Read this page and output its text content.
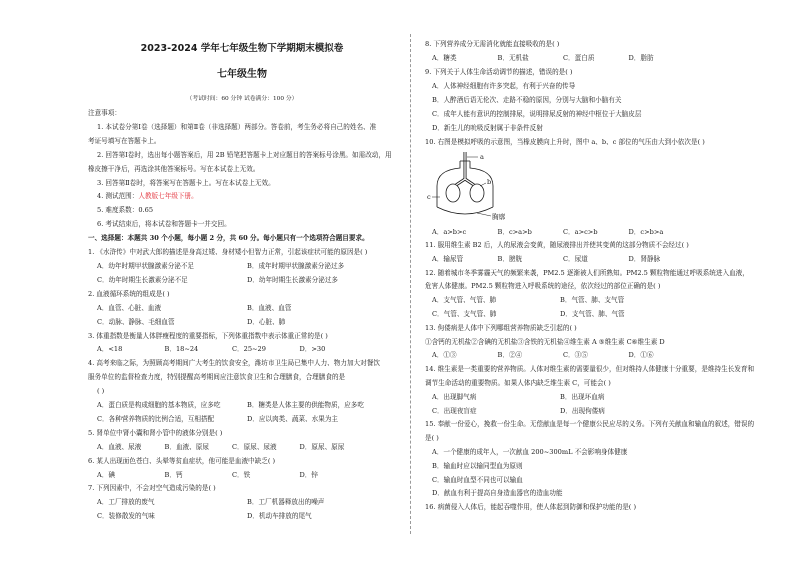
2023-2024 学年七年级生物下学期期末模拟卷
七年级生物
（考试时间：60 分钟 试卷满分：100 分）
注意事项：
1. 本试卷分第Ⅰ卷（选择题）和第Ⅱ卷（非选择题）两部分。答卷前，考生务必将自己的姓名、准
考证号填写在答题卡上。
2. 回答第Ⅰ卷时，选出每小题答案后，用 2B 铅笔把答题卡上对应题目的答案标号涂黑。如需改动，用
橡皮擦干净后，再选涂其他答案标号。写在本试卷上无效。
3. 回答第Ⅱ卷时，将答案写在答题卡上。写在本试卷上无效。
4. 测试范围：人教版七年级下册。
5. 难度系数：0.65
6. 考试结束后，将本试卷和答题卡一并交回。
一、选择题：本题共 30 个小题，每小题 2 分，共 60 分。每小题只有一个选项符合题目要求。
1. 《水浒传》中对武大郎的描述是身高过矮、身材矮小但智力正常，引起该症状可能的原因是( )
A．幼年时期甲状腺激素分泌不足	B．成年时期甲状腺激素分泌过多
C．幼年时期生长激素分泌不足	D．幼年时期生长激素分泌过多
2. 血液循环系统的组成是( )
A．血管、心脏、血液	B．血液、血管
C．动脉、静脉、毛细血管	D．心脏、肺
3. 体重指数是衡量人体胖瘦程度的重要指标，下列体重指数中表示体重正常的是( )
A．<18	B．18~24	C．25~29	D．>30
4. 高考来临之际，为照顾高考期间广大考生的饮食安全，潍坊市卫生局已集中人力、物力加大对餐饮
服务单位的监督检查力度，特别提醒高考期间应注意饮食卫生和合理膳食，合理膳食的是
( )
A．蛋白质是构成细胞的基本物质，应多吃	B．糖类是人体主要的供能物质，应多吃
C．各种营养物质的比例合适，互相搭配	D．应以肉类、蔬菜、水果为主
5. 肾单位中肾小囊和肾小管中的液体分别是( )
A．血液、尿液	B．血液、原尿	C．原尿、尿液	D．原尿、原尿
6. 某人出现面色苍白、头晕等贫血症状，他可能是血液中缺乏( )
A．碘	B．钙	C．铁	D．锌
7. 下列因素中，不会对空气造成污染的是( )
A．工厂排放的废气	B．工厂机器释放出的噪声
C．装修散发的气味	D．机动车排放的尾气
8. 下列营养成分无需消化就能直接吸收的是( )
A．糖类	B．无机盐	C．蛋白质	D．脂肪
9. 下列关于人体生命活动调节的描述，错误的是( )
A．人体神经细胞有许多突起，有利于兴奋的传导
B．人醉酒后语无伦次、走路不稳的原因，分别与大脑和小脑有关
C．成年人能有意识的控制排尿，说明排尿反射的神经中枢位于大脑皮层
D．新生儿的吮吸反射属于非条件反射
10. 右图是模拟呼吸的示意图，当橡皮膜向上升时，图中 a、b、c 部位的气压由大到小依次是( )
a
b
c
胸廓
A．a>b>c	B．c>a>b	C．a>c>b	D．c>b>a
11. 服用维生素 B2 后，人的尿液会变黄，随尿液排出并使其变黄的这部分物质不会经过( )
A．输尿管	B．膀胱	C．尿道	D．肾静脉
12. 随着城市冬季雾霾天气的频繁来袭，PM2.5 逐渐被人们所熟知。PM2.5 颗粒物能通过呼吸系统进入血液，
危害人体健康。PM2.5 颗粒物进入呼吸系统的途径，依次经过的部位正确的是( )
A．支气管、气管、肺	B．气管、肺、支气管
C．气管、支气管、肺	D．支气管、肺、气管
13. 佝偻病是人体中下列哪组营养物质缺乏引起的( )
①含钙的无机盐②含碘的无机盐③含铁的无机盐④维生素 A ⑤维生素 C⑥维生素 D
A．①③	B．②④	C．③⑤	D．①⑥
14. 维生素是一类重要的营养物质。人体对维生素的需要量很少，但对维持人体健康十分重要，是维持生长发育和
调节生命活动的重要物质。如果人体内缺乏维生素 C，可能会( )
A．出现脚气病	B．出现坏血病
C．出现夜盲症	D．出现佝偻病
15. 奉献一份爱心，挽救一份生命。无偿献血是每一个健康公民应尽的义务。下列有关献血和输血的叙述，错误的
是( )
A．一个健康的成年人，一次献血 200~300mL 不会影响身体健康
B．输血时应以输同型血为原则
C．输血时血型不同也可以输血
D．献血有利于提高自身造血器官的造血功能
16. 病菌侵入人体后，能起吞噬作用，使人体起到防御和保护功能的是( )
